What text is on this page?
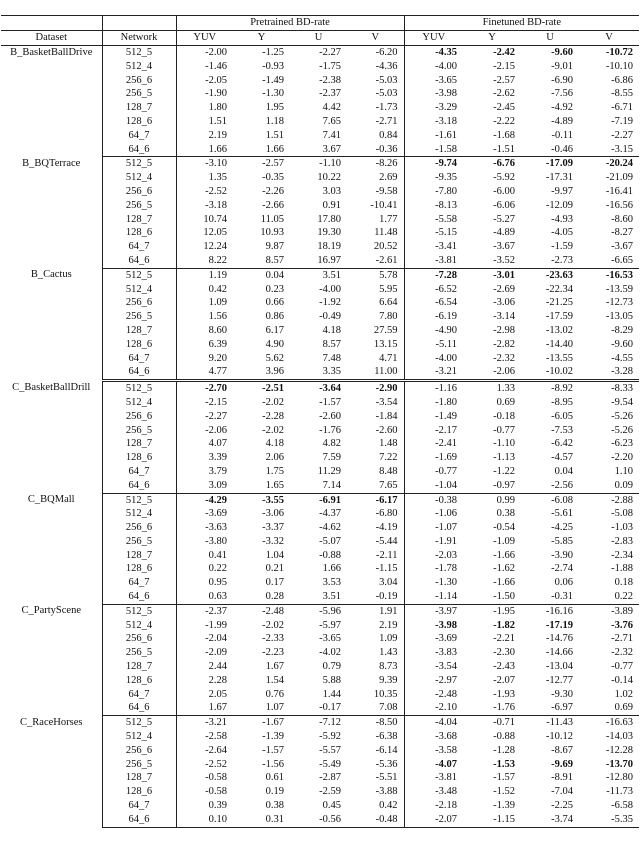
		Pretrained BD-rate				Finetuned BD-rate			
Dataset	Network	YUV	Y	U	V	YUV	Y	U	V
B_BasketBallDrive	512_5	-2.00	-1.25	-2.27	-6.20	-4.35	-2.42	-9.60	-10.72
	512_4	-1.46	-0.93	-1.75	-4.36	-4.00	-2.15	-9.01	-10.10
	256_6	-2.05	-1.49	-2.38	-5.03	-3.65	-2.57	-6.90	-6.86
	256_5	-1.90	-1.30	-2.37	-5.03	-3.98	-2.62	-7.56	-8.55
	128_7	1.80	1.95	4.42	-1.73	-3.29	-2.45	-4.92	-6.71
	128_6	1.51	1.18	7.65	-2.71	-3.18	-2.22	-4.89	-7.19
	64_7	2.19	1.51	7.41	0.84	-1.61	-1.68	-0.11	-2.27
	64_6	1.66	1.66	3.67	-0.36	-1.58	-1.51	-0.46	-3.15
B_BQTerrace	512_5	-3.10	-2.57	-1.10	-8.26	-9.74	-6.76	-17.09	-20.24
	512_4	1.35	-0.35	10.22	2.69	-9.35	-5.92	-17.31	-21.09
	256_6	-2.52	-2.26	3.03	-9.58	-7.80	-6.00	-9.97	-16.41
	256_5	-3.18	-2.66	0.91	-10.41	-8.13	-6.06	-12.09	-16.56
	128_7	10.74	11.05	17.80	1.77	-5.58	-5.27	-4.93	-8.60
	128_6	12.05	10.93	19.30	11.48	-5.15	-4.89	-4.05	-8.27
	64_7	12.24	9.87	18.19	20.52	-3.41	-3.67	-1.59	-3.67
	64_6	8.22	8.57	16.97	-2.61	-3.81	-3.52	-2.73	-6.65
B_Cactus	512_5	1.19	0.04	3.51	5.78	-7.28	-3.01	-23.63	-16.53
	512_4	0.42	0.23	-4.00	5.95	-6.52	-2.69	-22.34	-13.59
	256_6	1.09	0.66	-1.92	6.64	-6.54	-3.06	-21.25	-12.73
	256_5	1.56	0.86	-0.49	7.80	-6.19	-3.14	-17.59	-13.05
	128_7	8.60	6.17	4.18	27.59	-4.90	-2.98	-13.02	-8.29
	128_6	6.39	4.90	8.57	13.15	-5.11	-2.82	-14.40	-9.60
	64_7	9.20	5.62	7.48	4.71	-4.00	-2.32	-13.55	-4.55
	64_6	4.77	3.96	3.35	11.00	-3.21	-2.06	-10.02	-3.28
C_BasketBallDrill	512_5	-2.70	-2.51	-3.64	-2.90	-1.16	1.33	-8.92	-8.33
	512_4	-2.15	-2.02	-1.57	-3.54	-1.80	0.69	-8.95	-9.54
	256_6	-2.27	-2.28	-2.60	-1.84	-1.49	-0.18	-6.05	-5.26
	256_5	-2.06	-2.02	-1.76	-2.60	-2.17	-0.77	-7.53	-5.26
	128_7	4.07	4.18	4.82	1.48	-2.41	-1.10	-6.42	-6.23
	128_6	3.39	2.06	7.59	7.22	-1.69	-1.13	-4.57	-2.20
	64_7	3.79	1.75	11.29	8.48	-0.77	-1.22	0.04	1.10
	64_6	3.09	1.65	7.14	7.65	-1.04	-0.97	-2.56	0.09
C_BQMall	512_5	-4.29	-3.55	-6.91	-6.17	-0.38	0.99	-6.08	-2.88
	512_4	-3.69	-3.06	-4.37	-6.80	-1.06	0.38	-5.61	-5.08
	256_6	-3.63	-3.37	-4.62	-4.19	-1.07	-0.54	-4.25	-1.03
	256_5	-3.80	-3.32	-5.07	-5.44	-1.91	-1.09	-5.85	-2.83
	128_7	0.41	1.04	-0.88	-2.11	-2.03	-1.66	-3.90	-2.34
	128_6	0.22	0.21	1.66	-1.15	-1.78	-1.62	-2.74	-1.88
	64_7	0.95	0.17	3.53	3.04	-1.30	-1.66	0.06	0.18
	64_6	0.63	0.28	3.51	-0.19	-1.14	-1.50	-0.31	0.22
C_PartyScene	512_5	-2.37	-2.48	-5.96	1.91	-3.97	-1.95	-16.16	-3.89
	512_4	-1.99	-2.02	-5.97	2.19	-3.98	-1.82	-17.19	-3.76
	256_6	-2.04	-2.33	-3.65	1.09	-3.69	-2.21	-14.76	-2.71
	256_5	-2.09	-2.23	-4.02	1.43	-3.83	-2.30	-14.66	-2.32
	128_7	2.44	1.67	0.79	8.73	-3.54	-2.43	-13.04	-0.77
	128_6	2.28	1.54	5.88	9.39	-2.97	-2.07	-12.77	-0.14
	64_7	2.05	0.76	1.44	10.35	-2.48	-1.93	-9.30	1.02
	64_6	1.67	1.07	-0.17	7.08	-2.10	-1.76	-6.97	0.69
C_RaceHorses	512_5	-3.21	-1.67	-7.12	-8.50	-4.04	-0.71	-11.43	-16.63
	512_4	-2.58	-1.39	-5.92	-6.38	-3.68	-0.88	-10.12	-14.03
	256_6	-2.64	-1.57	-5.57	-6.14	-3.58	-1.28	-8.67	-12.28
	256_5	-2.52	-1.56	-5.49	-5.36	-4.07	-1.53	-9.69	-13.70
	128_7	-0.58	0.61	-2.87	-5.51	-3.81	-1.57	-8.91	-12.80
	128_6	-0.58	0.19	-2.59	-3.88	-3.48	-1.52	-7.04	-11.73
	64_7	0.39	0.38	0.45	0.42	-2.18	-1.39	-2.25	-6.58
	64_6	0.10	0.31	-0.56	-0.48	-2.07	-1.15	-3.74	-5.35
